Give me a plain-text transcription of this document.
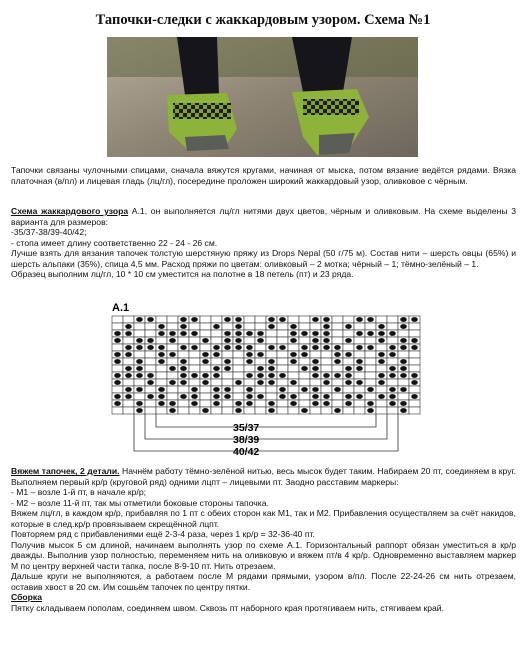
Тапочки-следки с жаккардовым узором. Схема №1
Тапочки связаны чулочными спицами, сначала вяжутся кругами, начиная от мыска, потом вязание ведётся рядами. Вязка платочная (в/пл) и лицевая гладь (лц/гл), посередине проложен широкий жаккардовый узор, оливковое с чёрным.

Схема жаккардового узора А.1, он выполняется лц/гл нитями двух цветов, чёрным и оливковым. На схеме выделены 3 варианта для размеров:

-35/37-38/39-40/42;

- стопа имеет длину соответственно 22 - 24 - 26 см.

Лучше взять для вязания тапочек толстую шерстяную пряжу из Drops Nepal (50 г/75 м). Состав нити – шерсть овцы (65%) и шерсть альпаки (35%), спица 4,5 мм. Расход пряжи по цветам: оливковый – 2 мотка; чёрный – 1; тёмно-зелёный – 1.

Образец выполним лц/гл, 10 * 10 см уместится на полотне в 18 петель (пт) и 23 ряда.

A.1
35/37
38/39
40/42

Вяжем тапочек, 2 детали. Начнём работу тёмно-зелёной нитью, весь мысок будет таким. Набираем 20 пт, соединяем в круг. Выполняем первый кр/р (круговой ряд) одними лцпт – лицевыми пт. Заодно расставим маркеры:

- М1 – возле 1-й пт, в начале кр/р;

- М2 – возле 11-й пт, так мы отметили боковые стороны тапочка.

Вяжем лц/гл, в каждом кр/р, прибавляя по 1 пт с обеих сторон как М1, так и М2. Прибавления осуществляем за счёт накидов, которые в след.кр/р провязываем скрещённой лцпт.

Повторяем ряд с прибавлениями ещё 2-3-4 раза, через 1 кр/р = 32-36-40 пт.

Получив мысок 5 см длиной, начинаем выполнять узор по схеме А.1. Горизонтальный раппорт обязан уместиться в кр/р дважды. Выполнив узор полностью, переменяем нить на оливковую и вяжем пт/в 4 кр/р. Одновременно выставляем маркер М по центру верхней части тапка, после 8-9-10 пт. Нить отрезаем.

Дальше круги не выполняются, а работаем после М рядами прямыми, узором в/пл. После 22-24-26 см нить отрезаем, оставив хвост в 20 см. Им сошьём тапочек по центру пятки.

Сборка

Пятку складываем пополам, соединяем швом. Сквозь пт наборного края протягиваем нить, стягиваем край.
